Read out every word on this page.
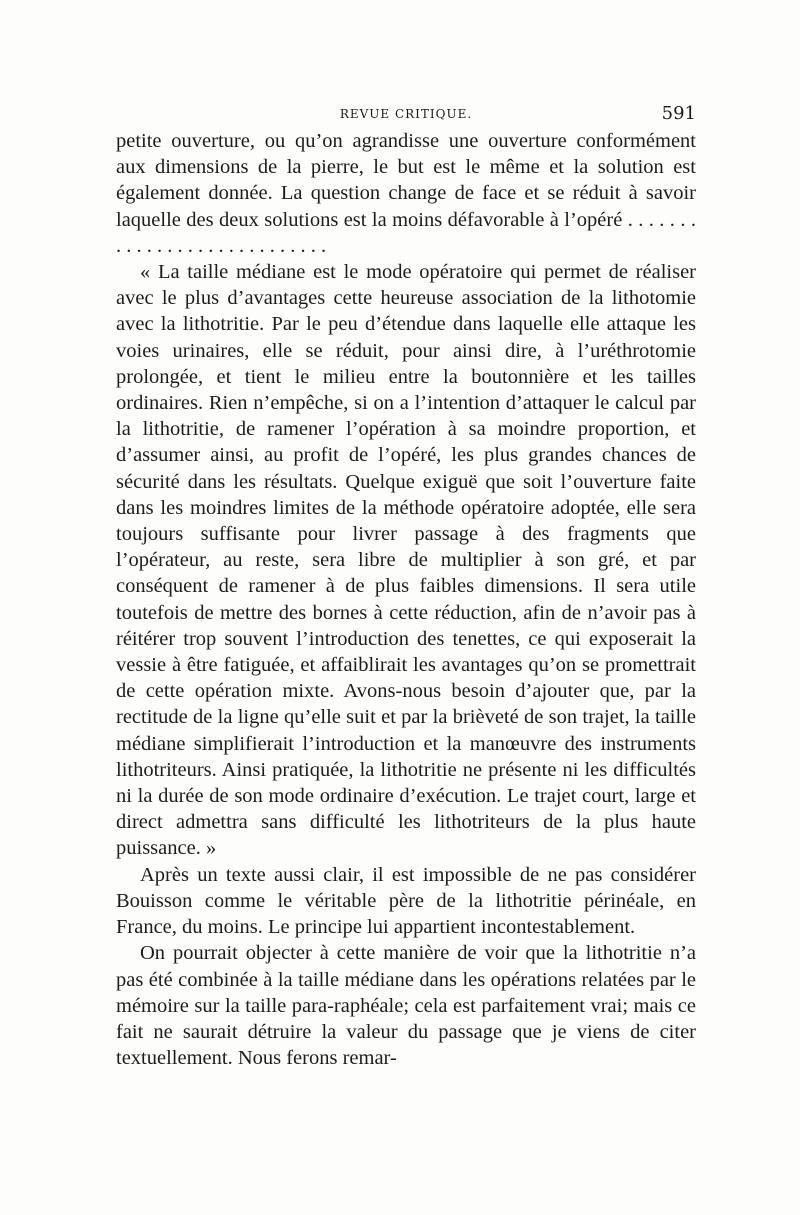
REVUE CRITIQUE.	591

petite ouverture, ou qu’on agrandisse une ouverture conformément aux dimensions de la pierre, le but est le même et la solution est également donnée. La question change de face et se réduit à savoir laquelle des deux solutions est la moins défavorable à l’opéré . . . . . . . . . . . . . . . . . . . . . . . . . . . .

« La taille médiane est le mode opératoire qui permet de réaliser avec le plus d’avantages cette heureuse association de la lithotomie avec la lithotritie. Par le peu d’étendue dans laquelle elle attaque les voies urinaires, elle se réduit, pour ainsi dire, à l’uréthrotomie prolongée, et tient le milieu entre la boutonnière et les tailles ordinaires. Rien n’empêche, si on a l’intention d’attaquer le calcul par la lithotritie, de ramener l’opération à sa moindre proportion, et d’assumer ainsi, au profit de l’opéré, les plus grandes chances de sécurité dans les résultats. Quelque exiguë que soit l’ouverture faite dans les moindres limites de la méthode opératoire adoptée, elle sera toujours suffisante pour livrer passage à des fragments que l’opérateur, au reste, sera libre de multiplier à son gré, et par conséquent de ramener à de plus faibles dimensions. Il sera utile toutefois de mettre des bornes à cette réduction, afin de n’avoir pas à réitérer trop souvent l’introduction des tenettes, ce qui exposerait la vessie à être fatiguée, et affaiblirait les avantages qu’on se promettrait de cette opération mixte. Avons-nous besoin d’ajouter que, par la rectitude de la ligne qu’elle suit et par la brièveté de son trajet, la taille médiane simplifierait l’introduction et la manœuvre des instruments lithotriteurs. Ainsi pratiquée, la lithotritie ne présente ni les difficultés ni la durée de son mode ordinaire d’exécution. Le trajet court, large et direct admettra sans difficulté les lithotriteurs de la plus haute puissance. »

Après un texte aussi clair, il est impossible de ne pas considérer Bouisson comme le véritable père de la lithotritie périnéale, en France, du moins. Le principe lui appartient incontestablement.

On pourrait objecter à cette manière de voir que la lithotritie n’a pas été combinée à la taille médiane dans les opérations relatées par le mémoire sur la taille para-raphéale; cela est parfaitement vrai; mais ce fait ne saurait détruire la valeur du passage que je viens de citer textuellement. Nous ferons remar-
